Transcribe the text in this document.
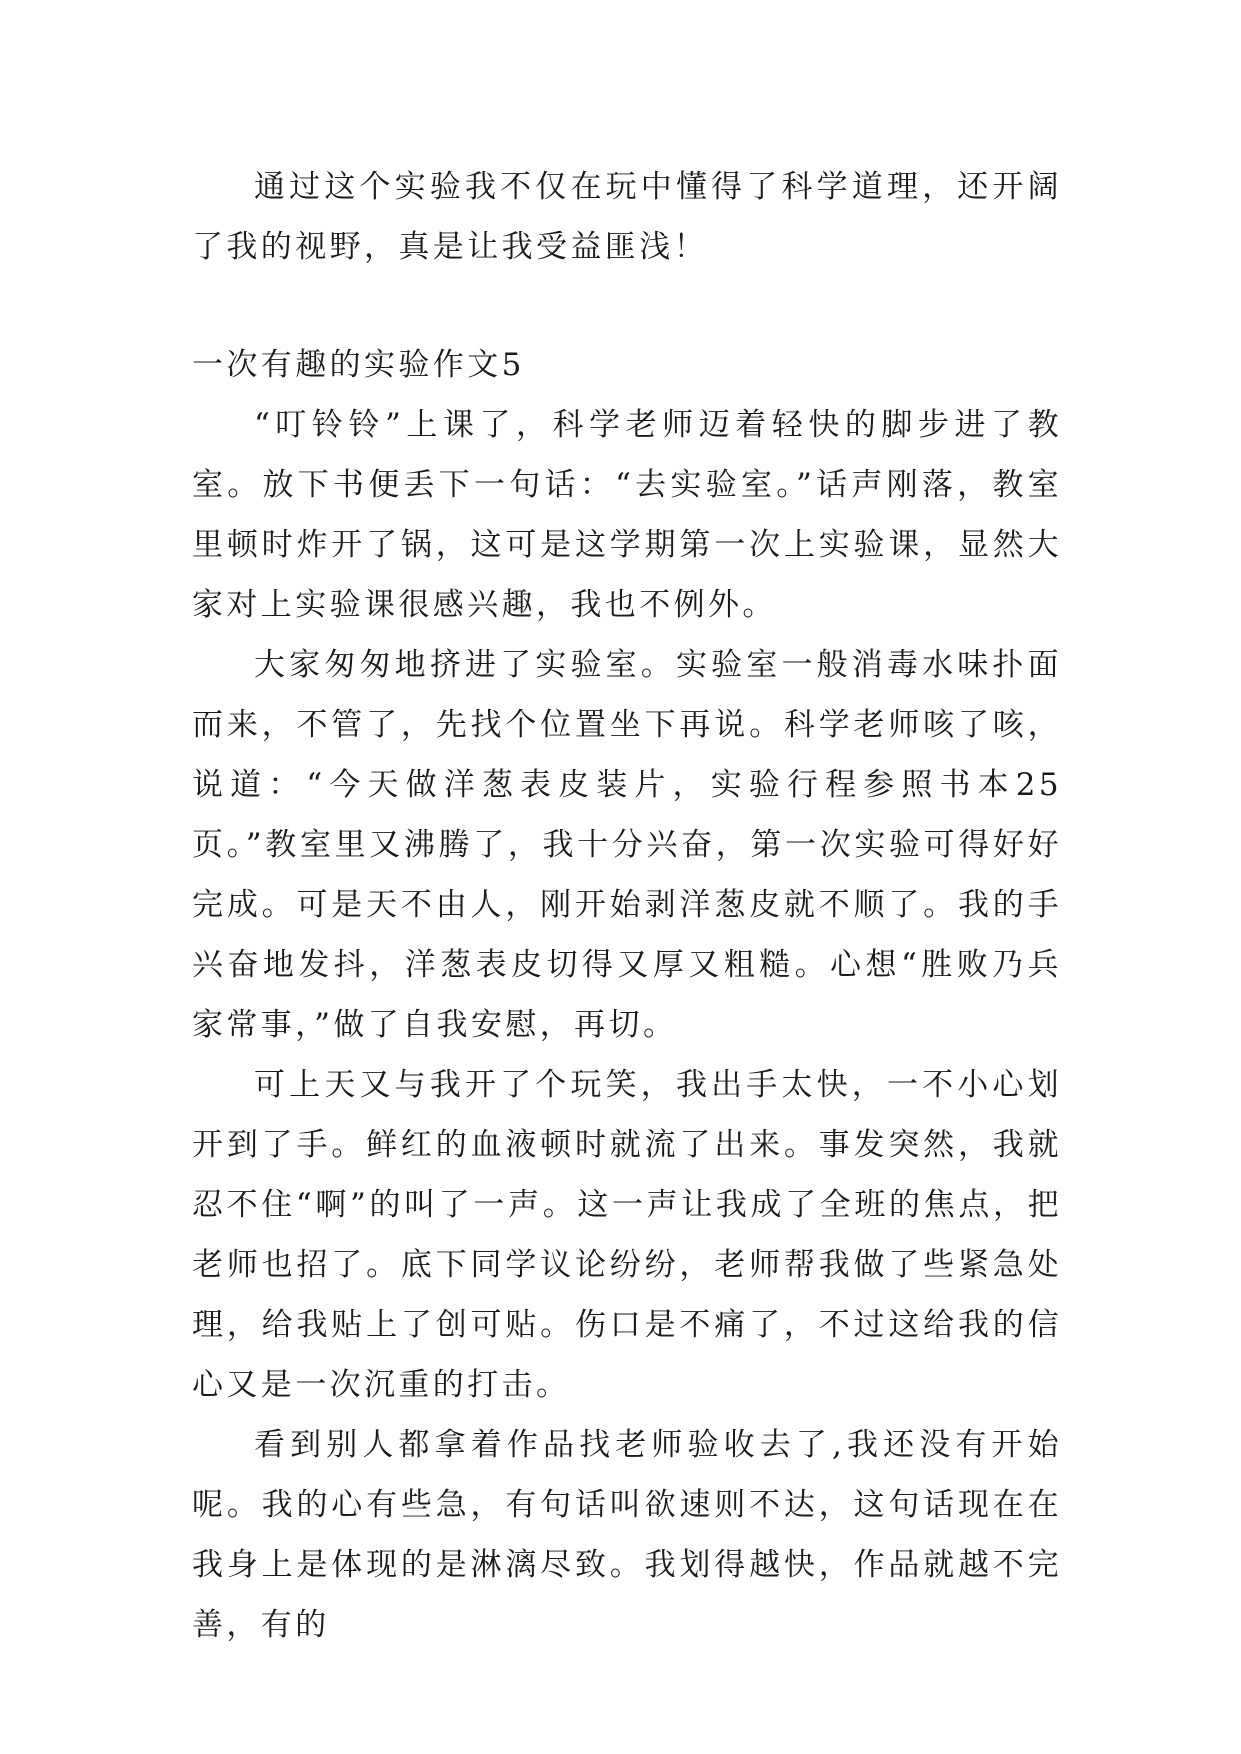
通过这个实验我不仅在玩中懂得了科学道理，还开阔了我的视野，真是让我受益匪浅！

一次有趣的实验作文5

“叮铃铃”上课了，科学老师迈着轻快的脚步进了教室。放下书便丢下一句话：“去实验室。”话声刚落，教室里顿时炸开了锅，这可是这学期第一次上实验课，显然大家对上实验课很感兴趣，我也不例外。

大家匆匆地挤进了实验室。实验室一般消毒水味扑面而来，不管了，先找个位置坐下再说。科学老师咳了咳，说道：“今天做洋葱表皮装片，实验行程参照书本25页。”教室里又沸腾了，我十分兴奋，第一次实验可得好好完成。可是天不由人，刚开始剥洋葱皮就不顺了。我的手兴奋地发抖，洋葱表皮切得又厚又粗糙。心想“胜败乃兵家常事，”做了自我安慰，再切。

可上天又与我开了个玩笑，我出手太快，一不小心划开到了手。鲜红的血液顿时就流了出来。事发突然，我就忍不住“啊”的叫了一声。这一声让我成了全班的焦点，把老师也招了。底下同学议论纷纷，老师帮我做了些紧急处理，给我贴上了创可贴。伤口是不痛了，不过这给我的信心又是一次沉重的打击。

看到别人都拿着作品找老师验收去了,我还没有开始呢。我的心有些急，有句话叫欲速则不达，这句话现在在我身上是体现的是淋漓尽致。我划得越快，作品就越不完善，有的
